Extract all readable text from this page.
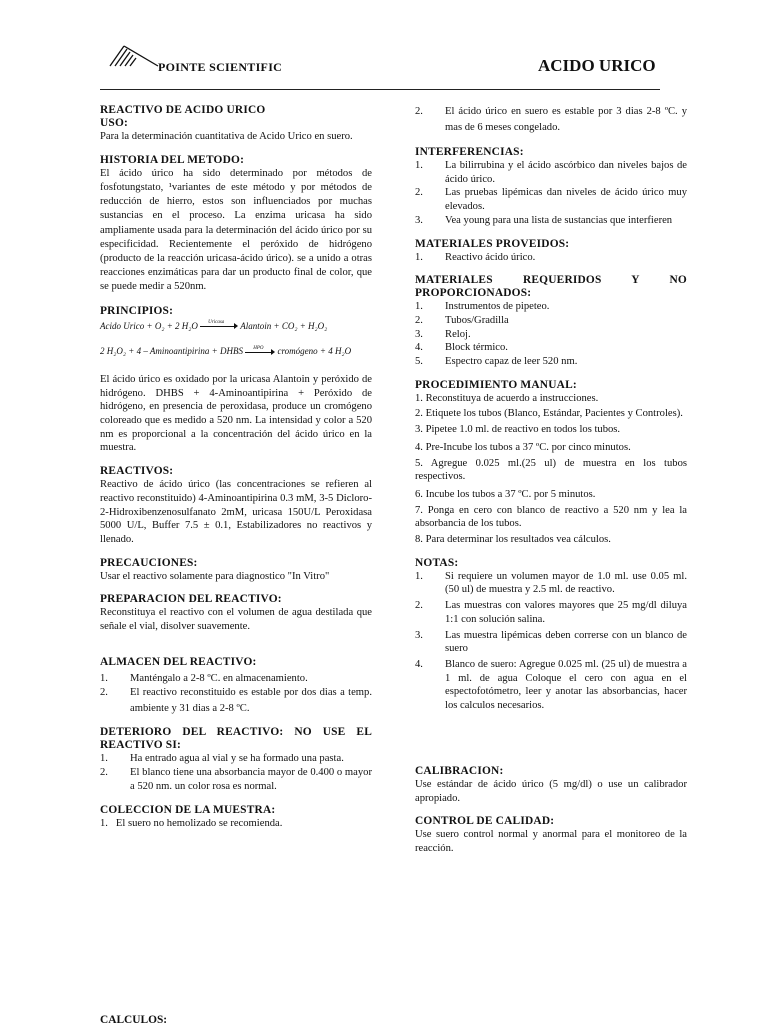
POINTE SCIENTIFIC	ACIDO URICO
REACTIVO DE ACIDO URICO
USO:

Para la determinación cuantitativa de Acido Urico en suero.

HISTORIA DEL METODO:

El ácido úrico ha sido determinado por métodos de fosfotungstato, ¹variantes de este método y por métodos de reducción de hierro, estos son influenciados por muchas sustancias en el proceso. La enzima uricasa ha sido ampliamente usada para la determinación del ácido úrico por su especificidad. Recientemente el peróxido de hidrógeno (producto de la reacción uricasa-ácido úrico). se a unido a otras reacciones enzimáticas para dar un producto final de color, que se puede medir a 520nm.

PRINCIPIOS:
Acido Urico + O₂ + 2 H₂O Uricasa Alantoin + CO₂ + H₂O₂
2 H₂O₂ + 4 – Aminoantipirina + DHBS HPO cromógeno + 4 H₂O

El ácido úrico es oxidado por la uricasa Alantoin y peróxido de hidrógeno. DHBS + 4-Aminoantipirina + Peróxido de hidrógeno, en presencia de peroxidasa, produce un cromógeno coloreado que es medido a 520 nm. La intensidad y color a 520 nm es proporcional a la concentración del ácido úrico en la muestra.

REACTIVOS:

Reactivo de ácido úrico (las concentraciones se refieren al reactivo reconstituido) 4-Aminoantipirina 0.3 mM, 3-5 Dicloro-2-Hidroxibenzenosulfanato 2mM, uricasa 150U/L Peroxidasa 5000 U/L, Buffer 7.5 ± 0.1, Estabilizadores no reactivos y llenado.

PRECAUCIONES:

Usar el reactivo solamente para diagnostico "In Vitro"

PREPARACION DEL REACTIVO:

Reconstituya el reactivo con el volumen de agua destilada que señale el vial, disolver suavemente.

ALMACEN DEL REACTIVO:
1. Manténgalo a 2-8 ºC. en almacenamiento.
2. El reactivo reconstituido es estable por dos dias a temp. ambiente y 31 dias a 2-8 ºC.
DETERIORO DEL REACTIVO: NO USE EL REACTIVO SI:
1. Ha entrado agua al vial y se ha formado una pasta.
2. El blanco tiene una absorbancia mayor de 0.400 o mayor a 520 nm. un color rosa es normal.
COLECCION DE LA MUESTRA:

1.   El suero no hemolizado se recomienda.

CALCULOS:
2. El ácido úrico en suero es estable por 3 dias 2-8 ºC. y mas de 6 meses congelado.
INTERFERENCIAS:
1. La bilirrubina y el ácido ascórbico dan niveles bajos de ácido úrico.
2. Las pruebas lipémicas dan niveles de ácido úrico muy elevados.
3. Vea young para una lista de sustancias que interfieren
MATERIALES PROVEIDOS:
1. Reactivo ácido úrico.
MATERIALES REQUERIDOS Y NO PROPORCIONADOS:
1. Instrumentos de pipeteo.
2. Tubos/Gradilla
3. Reloj.
4. Block térmico.
5. Espectro capaz de leer 520 nm.
PROCEDIMIENTO MANUAL:
1. Reconstituya de acuerdo a instrucciones.
2. Etiquete los tubos (Blanco, Estándar, Pacientes y Controles).
3. Pipetee 1.0 ml. de reactivo en todos los tubos.
4. Pre-Incube los tubos a 37 ºC. por cinco minutos.
5. Agregue 0.025 ml.(25 ul) de muestra en los tubos respectivos.
6. Incube los tubos a 37 ºC. por 5 minutos.
7. Ponga en cero con blanco de reactivo a 520 nm y lea la absorbancia de los tubos.
8. Para determinar los resultados vea cálculos.
NOTAS:
1. Si requiere un volumen mayor de 1.0 ml. use 0.05 ml. (50 ul) de muestra y 2.5 ml. de reactivo.
2. Las muestras con valores mayores que 25 mg/dl diluya 1:1 con solución salina.
3. Las muestra lipémicas deben correrse con un blanco de suero
4. Blanco de suero: Agregue 0.025 ml. (25 ul) de muestra a 1 ml. de agua Coloque el cero con agua en el espectofotómetro, leer y anotar las absorbancias, hacer los calculos necesarios.
CALIBRACION:

Use estándar de ácido úrico (5 mg/dl) o use un calibrador apropiado.

CONTROL DE CALIDAD:

Use suero control normal y anormal para el monitoreo de la reacción.
